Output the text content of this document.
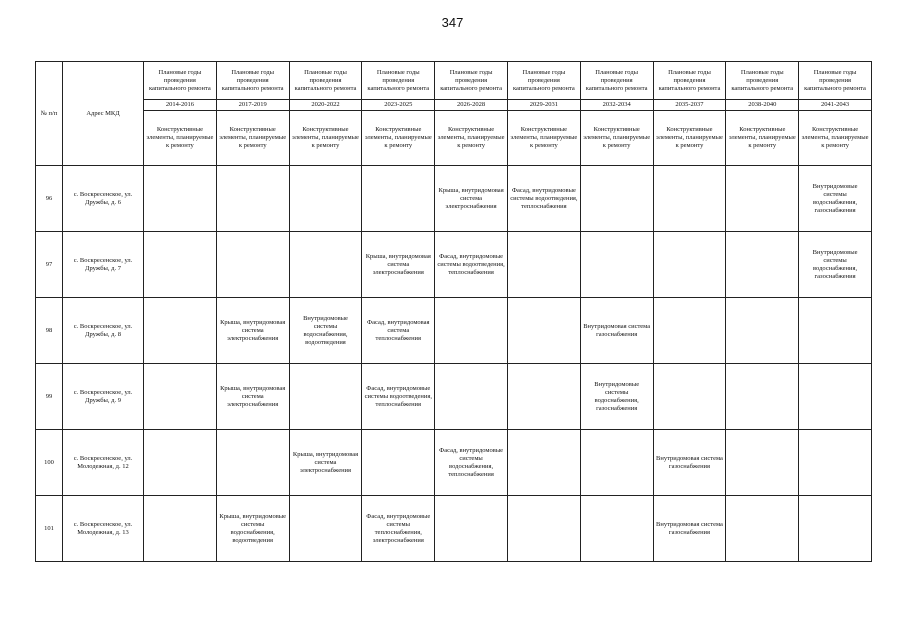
347
№ п/п	Адрес МКД	Плановые годы проведения капитального ремонта	Плановые годы проведения капитального ремонта	Плановые годы проведения капитального ремонта	Плановые годы проведения капитального ремонта	Плановые годы проведения капитального ремонта	Плановые годы проведения капитального ремонта	Плановые годы проведения капитального ремонта	Плановые годы проведения капитального ремонта	Плановые годы проведения капитального ремонта	Плановые годы проведения капитального ремонта
		2014-2016	2017-2019	2020-2022	2023-2025	2026-2028	2029-2031	2032-2034	2035-2037	2038-2040	2041-2043
		Конструктивные элементы, планируемые к ремонту	Конструктивные элементы, планируемые к ремонту	Конструктивные элементы, планируемые к ремонту	Конструктивные элементы, планируемые к ремонту	Конструктивные элементы, планируемые к ремонту	Конструктивные элементы, планируемые к ремонту	Конструктивные элементы, планируемые к ремонту	Конструктивные элементы, планируемые к ремонту	Конструктивные элементы, планируемые к ремонту	Конструктивные элементы, планируемые к ремонту
96	с. Воскресенское, ул. Дружбы, д. 6					Крыша, внутридомовая система электроснабжения	Фасад, внутридомовые системы водоотведения, теплоснабжения				Внутридомовые системы водоснабжения, газоснабжения
97	с. Воскресенское, ул. Дружбы, д. 7				Крыша, внутридомовая система электроснабжения	Фасад, внутридомовые системы водоотведения, теплоснабжения					Внутридомовые системы водоснабжения, газоснабжения
98	с. Воскресенское, ул. Дружбы, д. 8		Крыша, внутридомовая система электроснабжения	Внутридомовые системы водоснабжения, водоотведения	Фасад, внутридомовая система теплоснабжения			Внутридомовая система газоснабжения			
99	с. Воскресенское, ул. Дружбы, д. 9		Крыша, внутридомовая система электроснабжения		Фасад, внутридомовые системы водоотведения, теплоснабжения			Внутридомовые системы водоснабжения, газоснабжения			
100	с. Воскресенское, ул. Молодежная, д. 12			Крыша, внутридомовая система электроснабжения		Фасад, внутридомовые системы водоснабжения, теплоснабжения			Внутридомовая система газоснабжения		
101	с. Воскресенское, ул. Молодежная, д. 13		Крыша, внутридомовые системы водоснабжения, водоотведения		Фасад, внутридомовые системы теплоснабжения, электроснабжения				Внутридомовая система газоснабжения		
